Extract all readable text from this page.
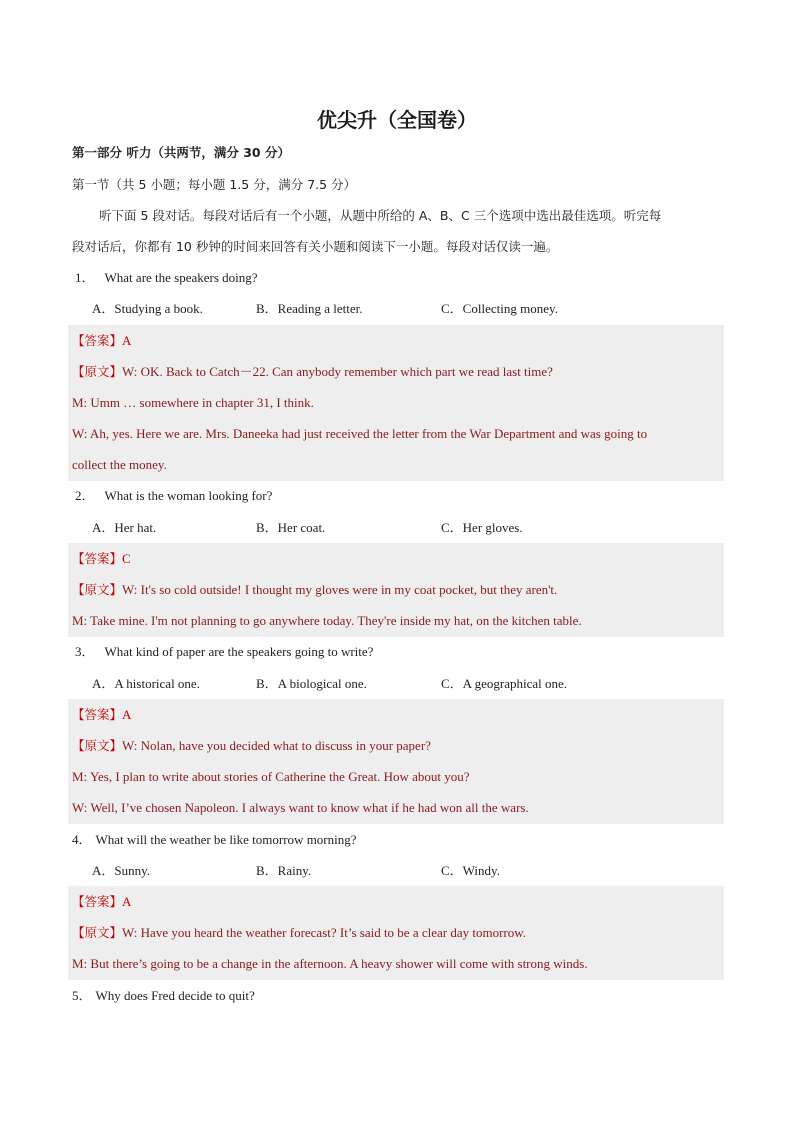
优尖升（全国卷）
第一部分 听力（共两节，满分 30 分）
第一节（共 5 小题；每小题 1.5 分，满分 7.5 分）
听下面 5 段对话。每段对话后有一个小题，从题中所给的 A、B、C 三个选项中选出最佳选项。听完每
段对话后，你都有 10 秒钟的时间来回答有关小题和阅读下一小题。每段对话仅读一遍。
1． What are the speakers doing?
A．Studying a book.	B．Reading a letter.	C．Collecting money.
【答案】A
【原文】W: OK. Back to Catch－22. Can anybody remember which part we read last time?
M: Umm … somewhere in chapter 31, I think.
W: Ah, yes. Here we are. Mrs. Daneeka had just received the letter from the War Department and was going to
collect the money.
2． What is the woman looking for?
A．Her hat.	B．Her coat.	C．Her gloves.
【答案】C
【原文】W: It's so cold outside! I thought my gloves were in my coat pocket, but they aren't.
M: Take mine. I'm not planning to go anywhere today. They're inside my hat, on the kitchen table.
3． What kind of paper are the speakers going to write?
A．A historical one.	B．A biological one.	C．A geographical one.
【答案】A
【原文】W: Nolan, have you decided what to discuss in your paper?
M: Yes, I plan to write about stories of Catherine the Great. How about you?
W: Well, I’ve chosen Napoleon. I always want to know what if he had won all the wars.
4． What will the weather be like tomorrow morning?
A．Sunny.	B．Rainy.	C．Windy.
【答案】A
【原文】W: Have you heard the weather forecast? It’s said to be a clear day tomorrow.
M: But there’s going to be a change in the afternoon. A heavy shower will come with strong winds.
5． Why does Fred decide to quit?
